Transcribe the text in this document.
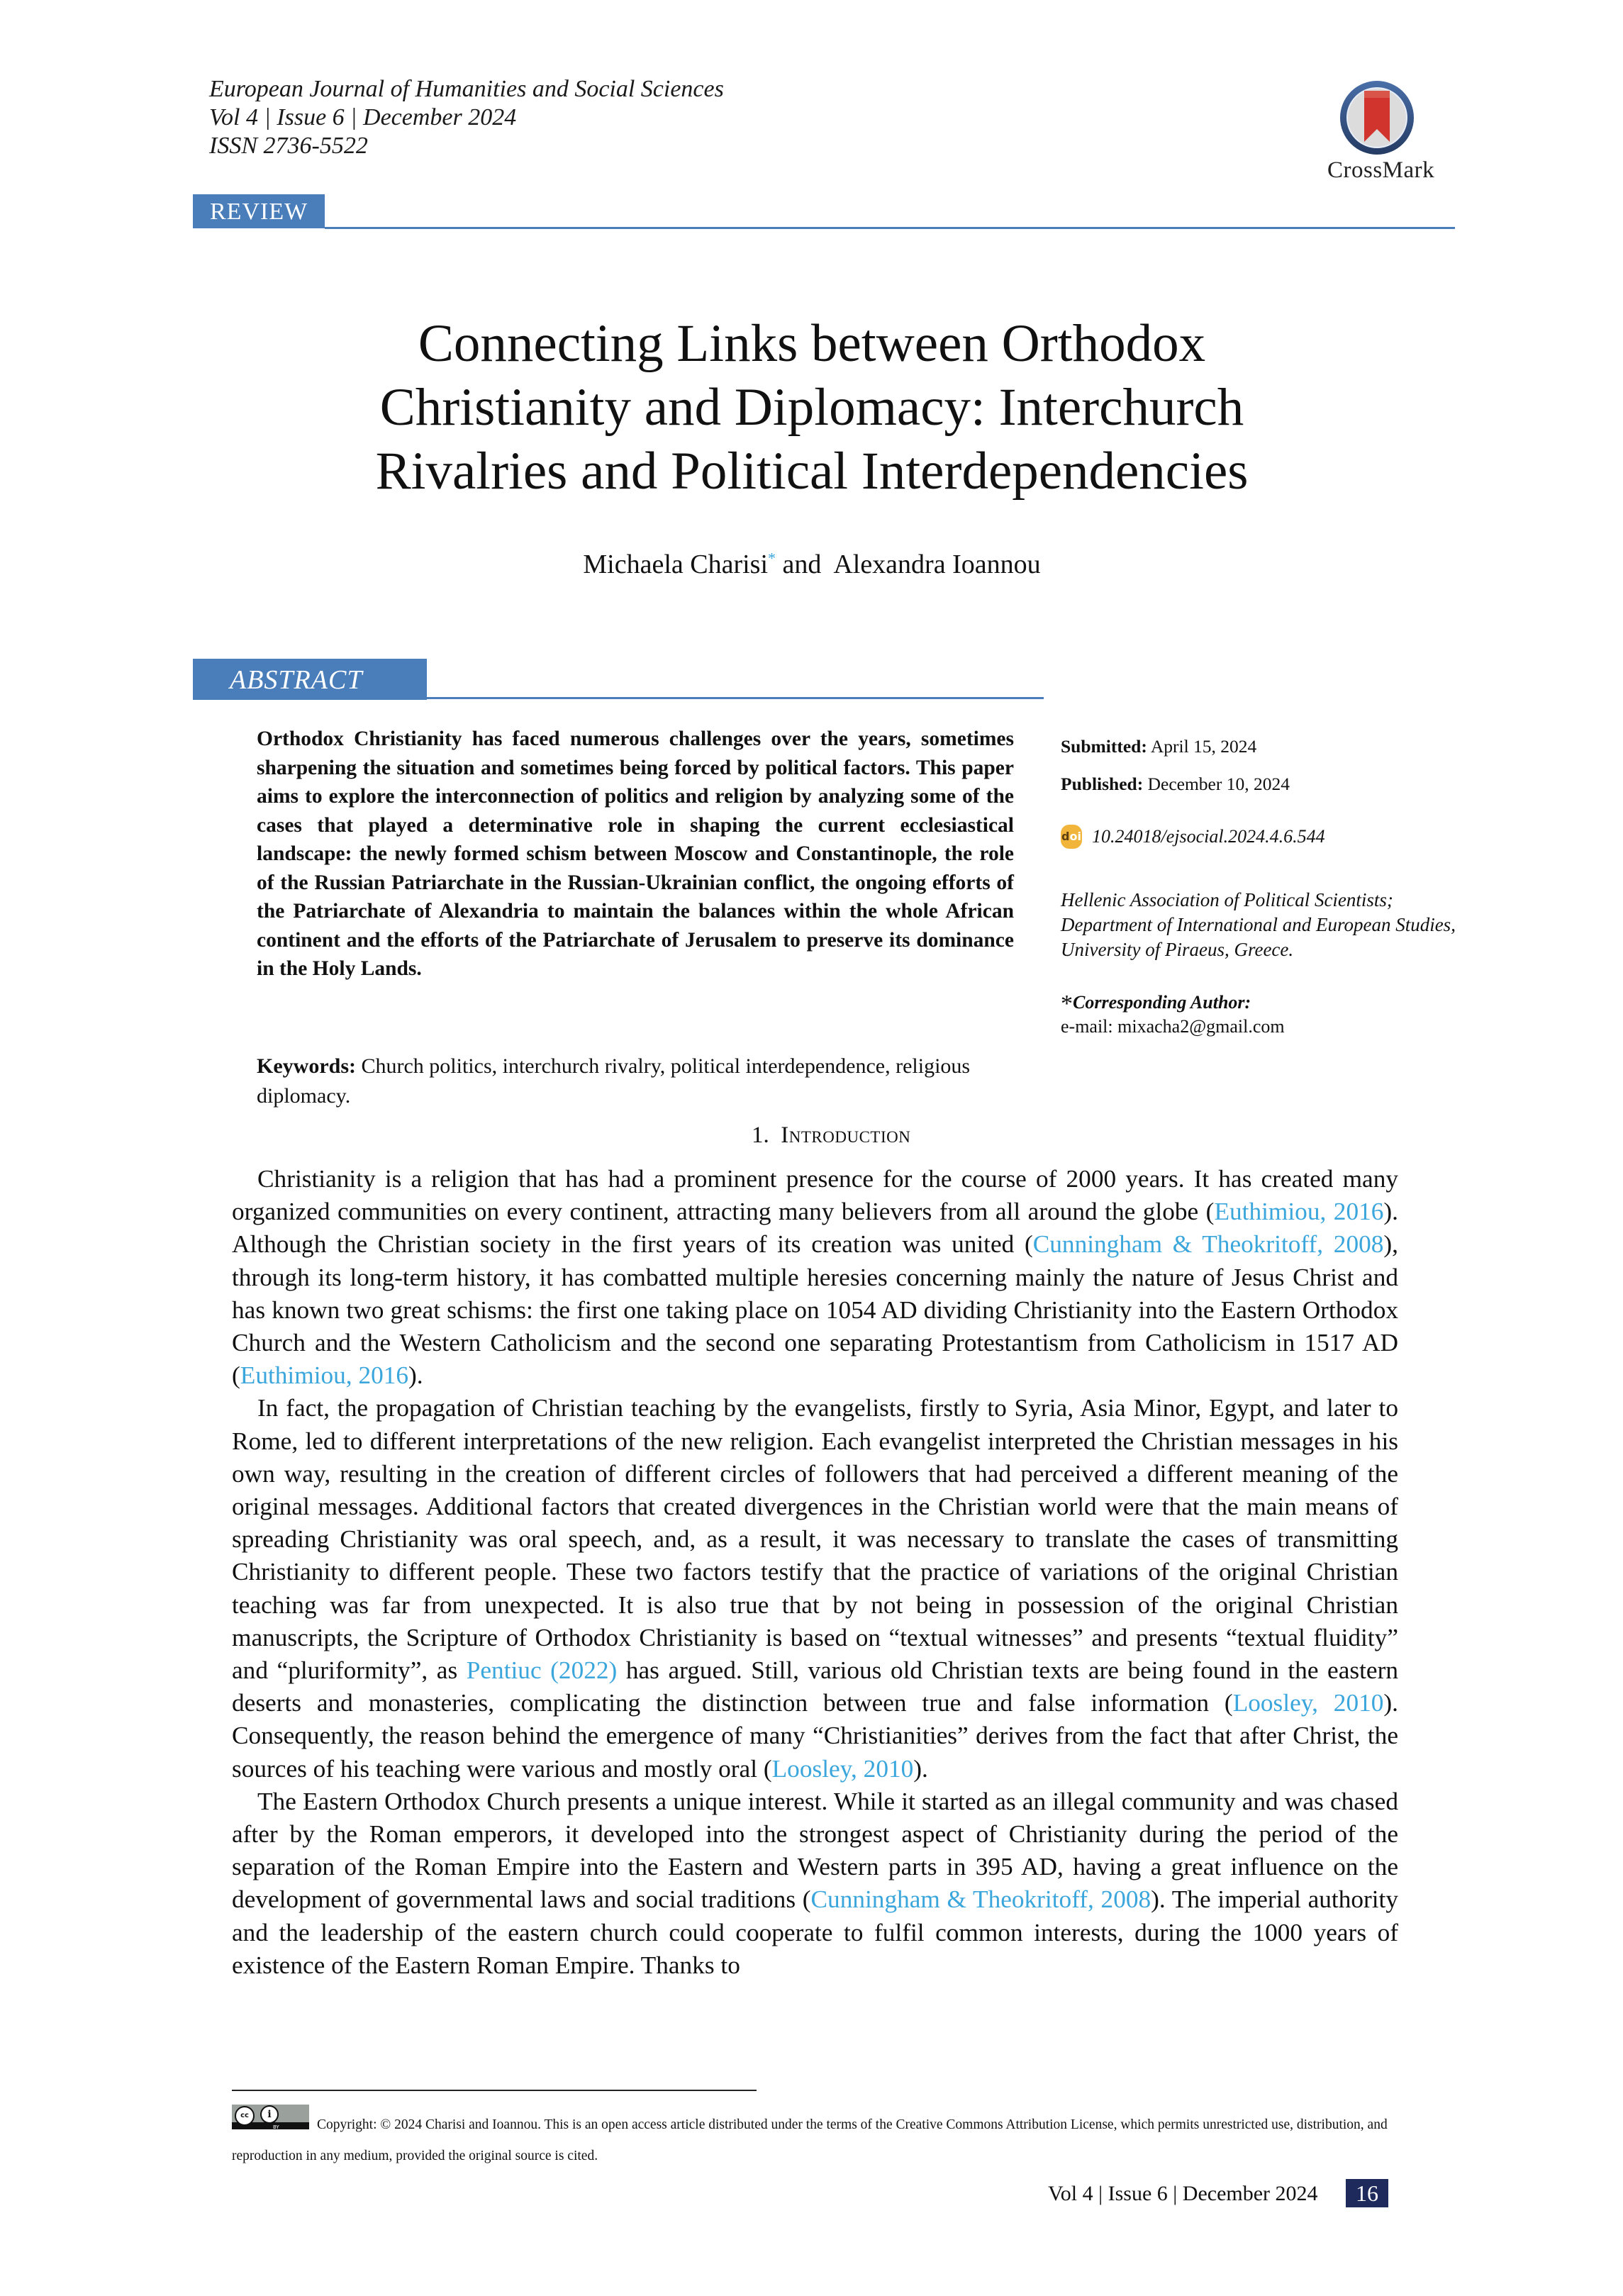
European Journal of Humanities and Social Sciences
Vol 4 | Issue 6 | December 2024
ISSN 2736-5522
CrossMark
REVIEW
Connecting Links between Orthodox
Christianity and Diplomacy: Interchurch
Rivalries and Political Interdependencies
Michaela Charisi* and  Alexandra Ioannou
ABSTRACT
Orthodox Christianity has faced numerous challenges over the years, sometimes sharpening the situation and sometimes being forced by political factors. This paper aims to explore the interconnection of politics and religion by analyzing some of the cases that played a determinative role in shaping the current ecclesiastical landscape: the newly formed schism between Moscow and Constantinople, the role of the Russian Patriarchate in the Russian-Ukrainian conflict, the ongoing efforts of the Patriarchate of Alexandria to maintain the balances within the whole African continent and the efforts of the Patriarchate of Jerusalem to preserve its dominance in the Holy Lands.
Keywords: Church politics, interchurch rivalry, political interdependence, religious diplomacy.
Submitted: April 15, 2024
Published: December 10, 2024
doi 10.24018/ejsocial.2024.4.6.544
Hellenic Association of Political Scientists; Department of International and European Studies, University of Piraeus, Greece.
*Corresponding Author:
e-mail: mixacha2@gmail.com
1. Introduction

Christianity is a religion that has had a prominent presence for the course of 2000 years. It has created many organized communities on every continent, attracting many believers from all around the globe (Euthimiou, 2016). Although the Christian society in the first years of its creation was united (Cunningham & Theokritoff, 2008), through its long-term history, it has combatted multiple heresies concerning mainly the nature of Jesus Christ and has known two great schisms: the first one taking place on 1054 AD dividing Christianity into the Eastern Orthodox Church and the Western Catholicism and the second one separating Protestantism from Catholicism in 1517 AD (Euthimiou, 2016).

In fact, the propagation of Christian teaching by the evangelists, firstly to Syria, Asia Minor, Egypt, and later to Rome, led to different interpretations of the new religion. Each evangelist interpreted the Christian messages in his own way, resulting in the creation of different circles of followers that had perceived a different meaning of the original messages. Additional factors that created divergences in the Christian world were that the main means of spreading Christianity was oral speech, and, as a result, it was necessary to translate the cases of transmitting Christianity to different people. These two factors testify that the practice of variations of the original Christian teaching was far from unexpected. It is also true that by not being in possession of the original Christian manuscripts, the Scripture of Orthodox Christianity is based on “textual witnesses” and presents “textual fluidity” and “pluriformity”, as Pentiuc (2022) has argued. Still, various old Christian texts are being found in the eastern deserts and monasteries, complicating the distinction between true and false information (Loosley, 2010). Consequently, the reason behind the emergence of many “Christianities” derives from the fact that after Christ, the sources of his teaching were various and mostly oral (Loosley, 2010).

The Eastern Orthodox Church presents a unique interest. While it started as an illegal community and was chased after by the Roman emperors, it developed into the strongest aspect of Christianity during the period of the separation of the Roman Empire into the Eastern and Western parts in 395 AD, having a great influence on the development of governmental laws and social traditions (Cunningham & Theokritoff, 2008). The imperial authority and the leadership of the eastern church could cooperate to fulfil common interests, during the 1000 years of existence of the Eastern Roman Empire. Thanks to

cc	i
BY	Copyright: © 2024 Charisi and Ioannou. This is an open access article distributed under the terms of the Creative Commons Attribution License, which permits unrestricted use, distribution, and reproduction in any medium, provided the original source is cited.
Vol 4 | Issue 6 | December 2024	16
